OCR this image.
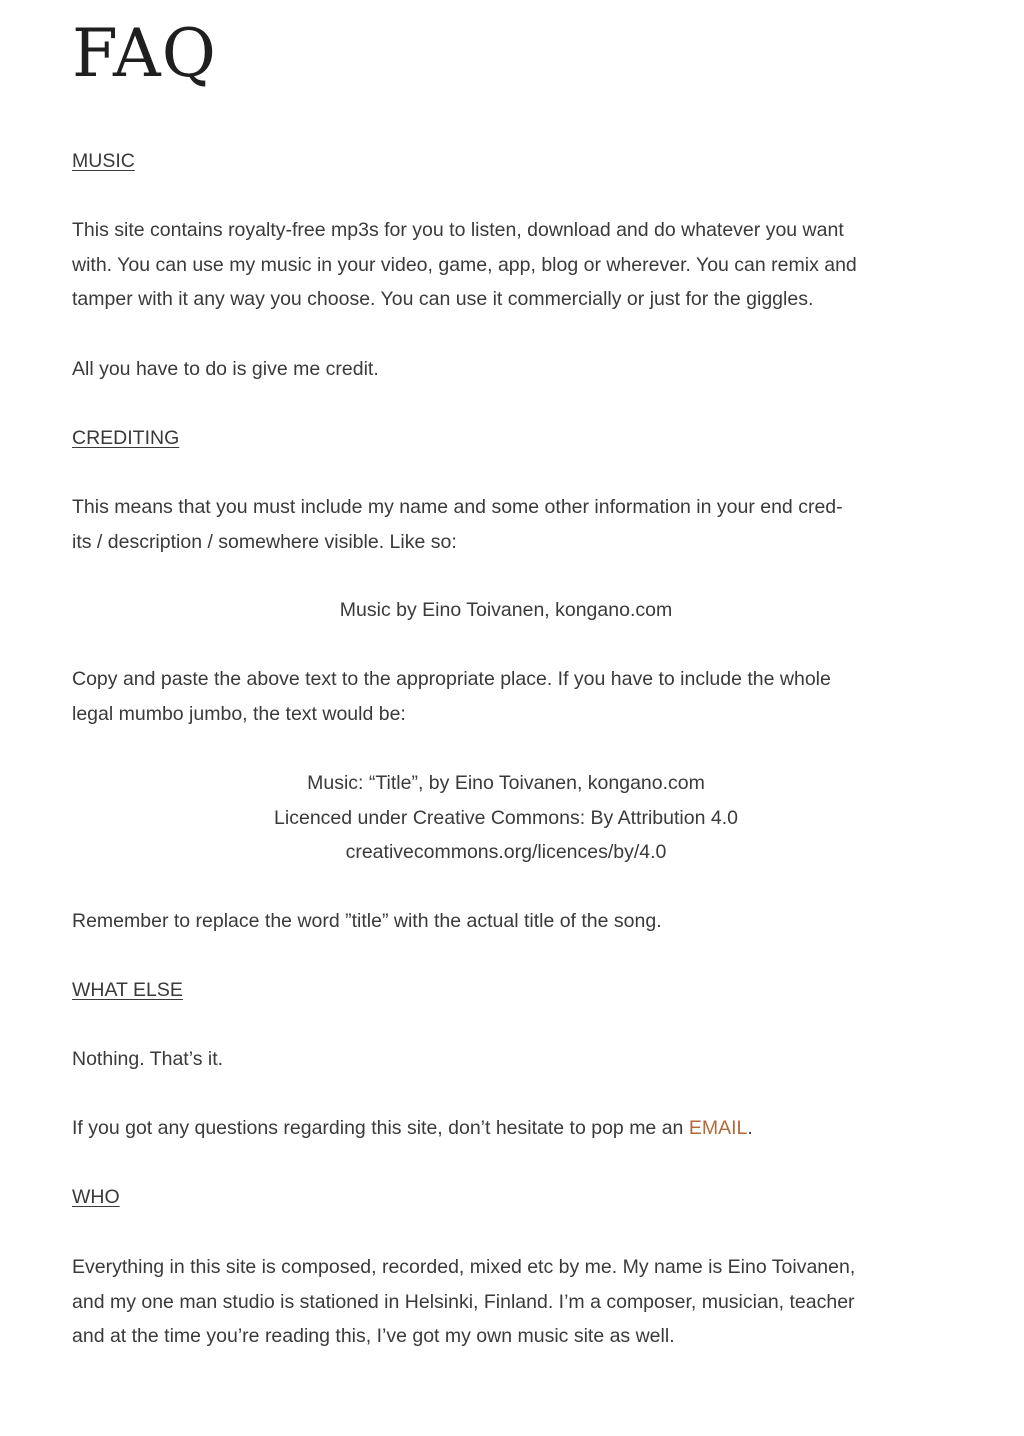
FAQ

MUSIC

This site contains royalty-free mp3s for you to listen, download and do whatever you want
with. You can use my music in your video, game, app, blog or wherever. You can remix and
tamper with it any way you choose. You can use it commercially or just for the giggles.

All you have to do is give me credit.

CREDITING

This means that you must include my name and some other information in your end cred-
its / description / somewhere visible. Like so:

Music by Eino Toivanen, kongano.com

Copy and paste the above text to the appropriate place. If you have to include the whole
legal mumbo jumbo, the text would be:

Music: “Title”, by Eino Toivanen, kongano.com
Licenced under Creative Commons: By Attribution 4.0
creativecommons.org/licences/by/4.0

Remember to replace the word ”title” with the actual title of the song.

WHAT ELSE

Nothing. That’s it.

If you got any questions regarding this site, don’t hesitate to pop me an EMAIL.

WHO

Everything in this site is composed, recorded, mixed etc by me. My name is Eino Toivanen,
and my one man studio is stationed in Helsinki, Finland. I’m a composer, musician, teacher
and at the time you’re reading this, I’ve got my own music site as well.
